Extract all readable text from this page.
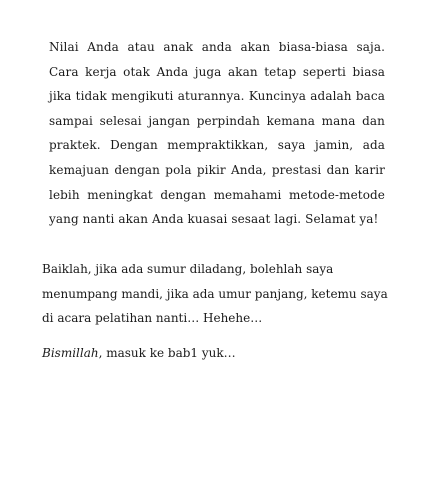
Nilai Anda atau anak anda akan biasa-biasa saja. Cara kerja otak Anda juga akan tetap seperti biasa jika tidak mengikuti aturannya. Kuncinya adalah baca sampai selesai jangan perpindah kemana mana dan praktek. Dengan mempraktikkan, saya jamin, ada kemajuan dengan pola pikir Anda, prestasi dan karir lebih meningkat dengan memahami metode-metode yang nanti akan Anda kuasai sesaat lagi. Selamat ya!

Baiklah, jika ada sumur diladang, bolehlah saya
menumpang mandi, jika ada umur panjang, ketemu saya
di acara pelatihan nanti… Hehehe…

Bismillah, masuk ke bab1 yuk…
